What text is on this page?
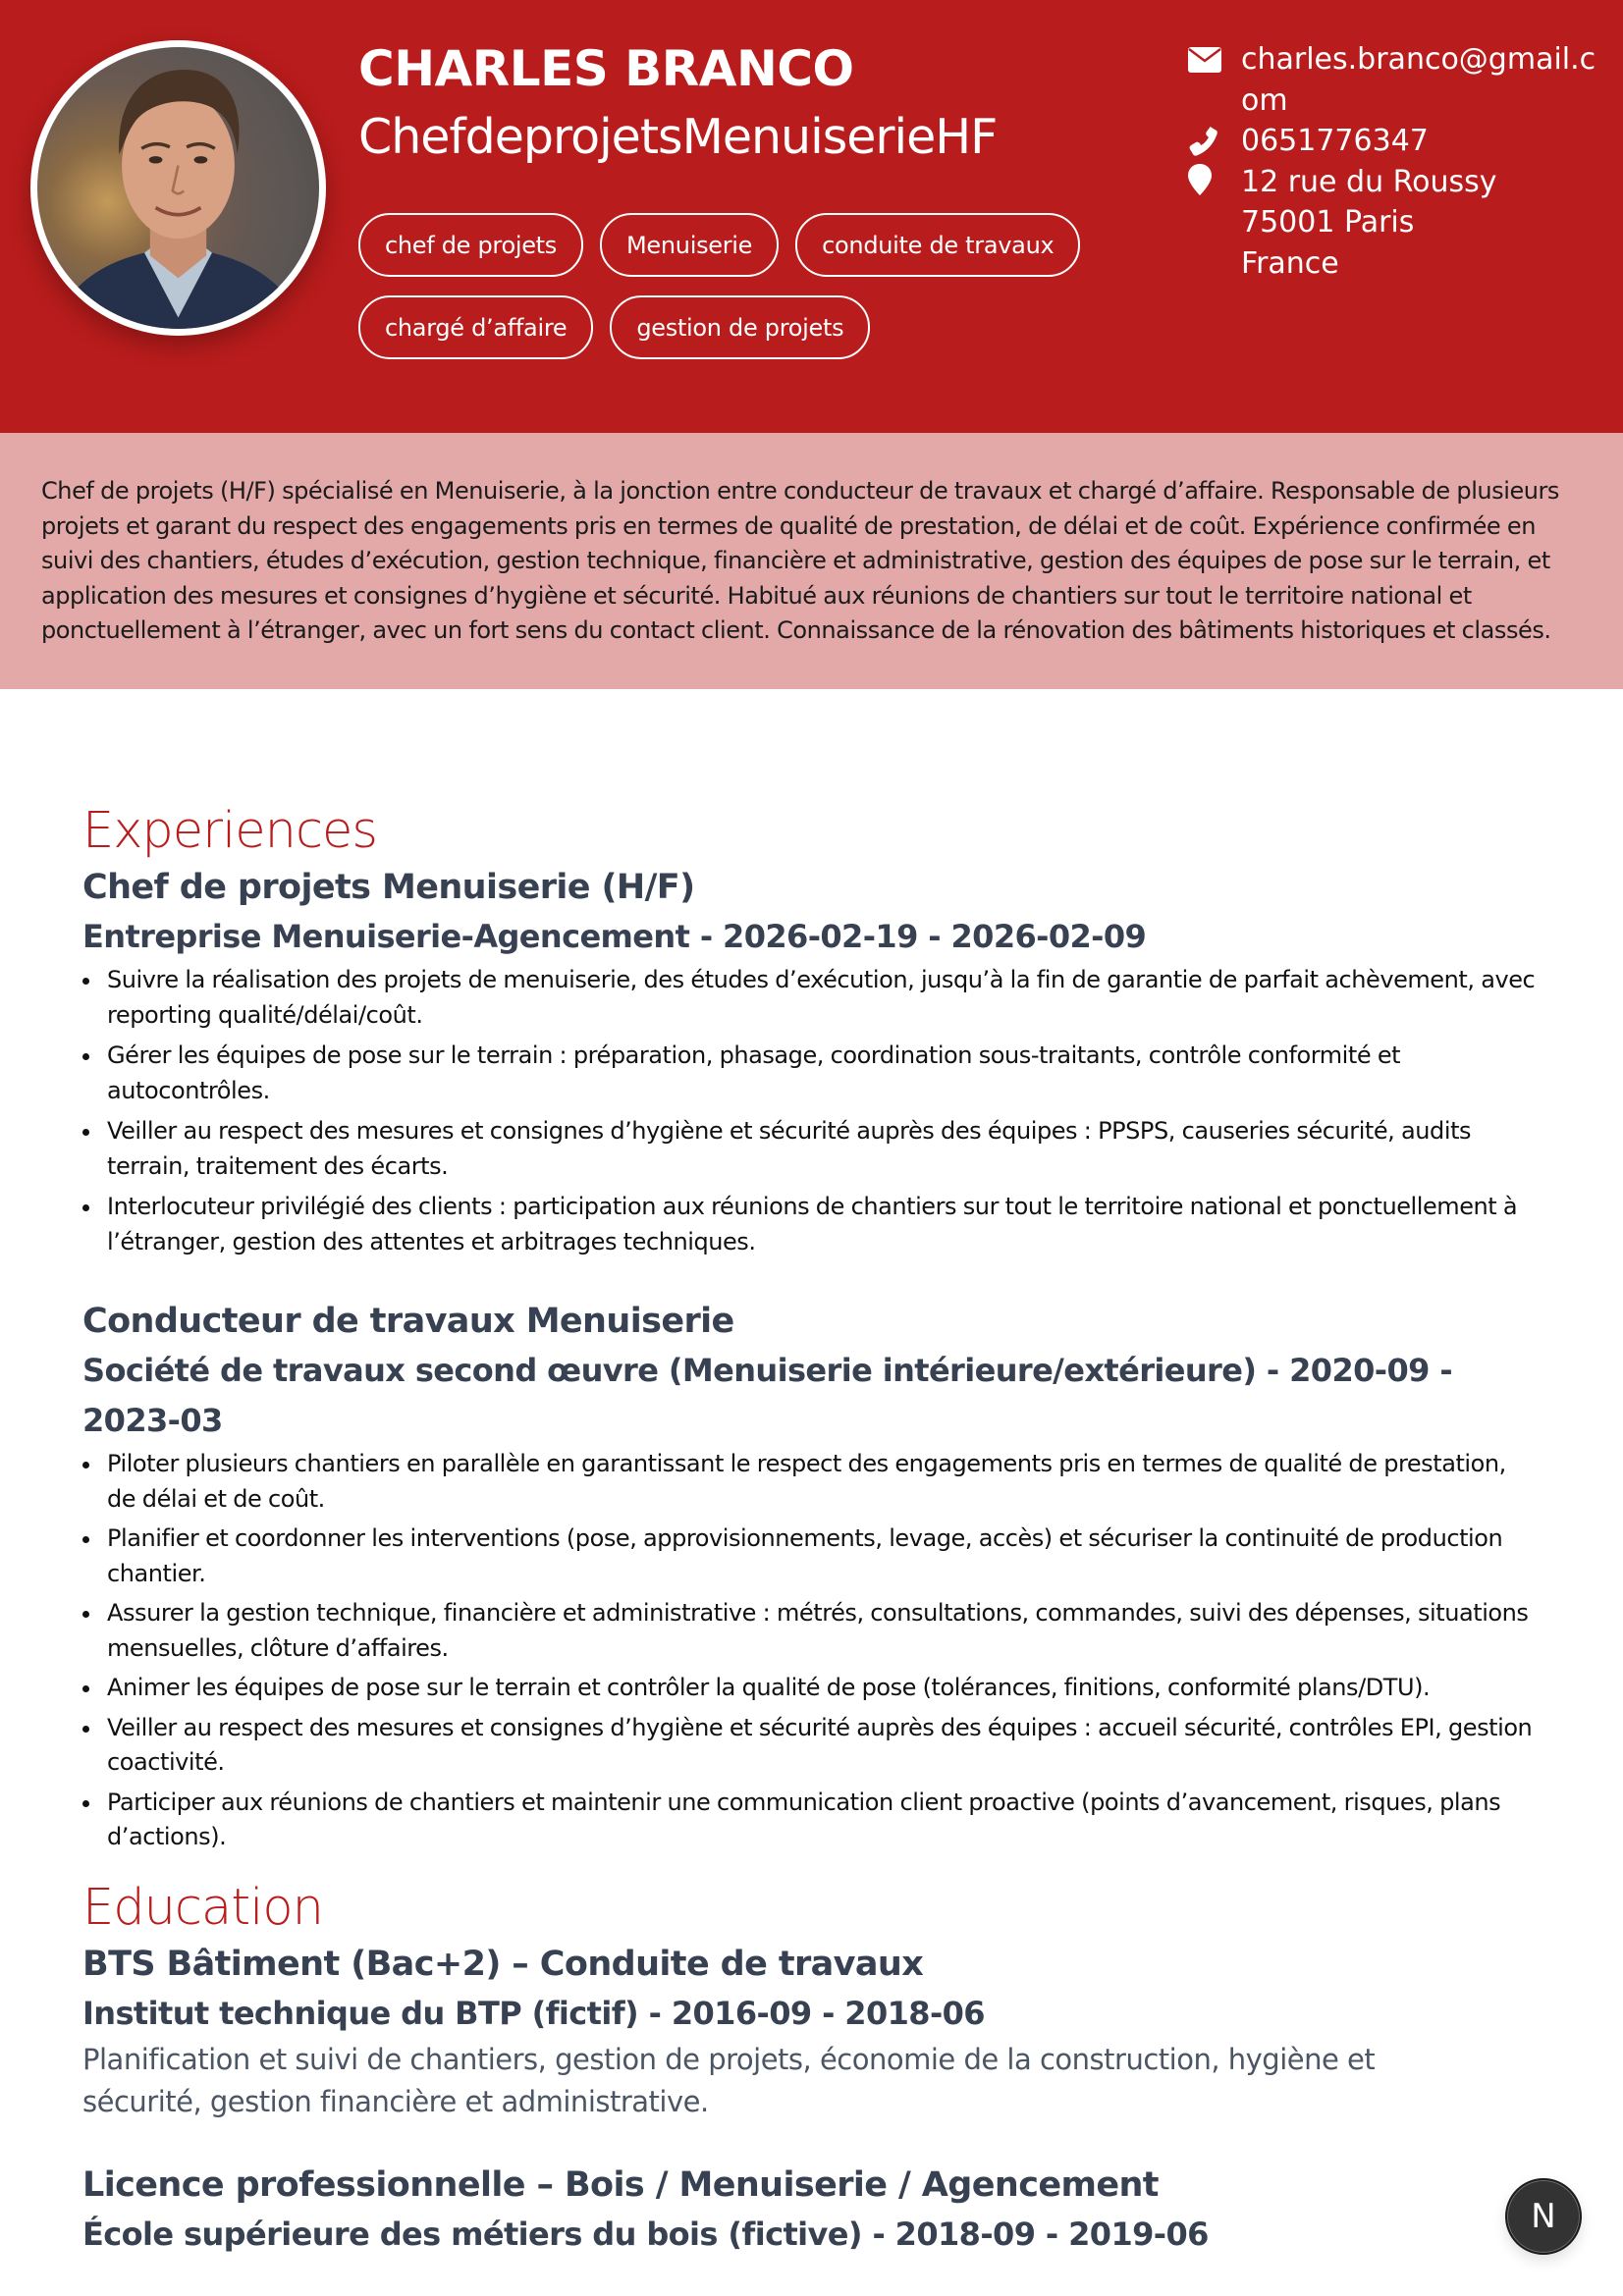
CHARLES BRANCO
ChefdeprojetsMenuiserieHF
chef de projets	Menuiserie	conduite de travaux
chargé d’affaire	gestion de projets
charles.branco@gmail.com
0651776347
12 rue du Roussy
75001 Paris
France

Chef de projets (H/F) spécialisé en Menuiserie, à la jonction entre conducteur de travaux et chargé d’affaire. Responsable de plusieurs projets et garant du respect des engagements pris en termes de qualité de prestation, de délai et de coût. Expérience confirmée en suivi des chantiers, études d’exécution, gestion technique, financière et administrative, gestion des équipes de pose sur le terrain, et application des mesures et consignes d’hygiène et sécurité. Habitué aux réunions de chantiers sur tout le territoire national et ponctuellement à l’étranger, avec un fort sens du contact client. Connaissance de la rénovation des bâtiments historiques et classés.

Experiences
Chef de projets Menuiserie (H/F)
Entreprise Menuiserie-Agencement - 2026-02-19 - 2026-02-09
Suivre la réalisation des projets de menuiserie, des études d’exécution, jusqu’à la fin de garantie de parfait achèvement, avec reporting qualité/délai/coût.
Gérer les équipes de pose sur le terrain : préparation, phasage, coordination sous-traitants, contrôle conformité et autocontrôles.
Veiller au respect des mesures et consignes d’hygiène et sécurité auprès des équipes : PPSPS, causeries sécurité, audits terrain, traitement des écarts.
Interlocuteur privilégié des clients : participation aux réunions de chantiers sur tout le territoire national et ponctuellement à l’étranger, gestion des attentes et arbitrages techniques.
Conducteur de travaux Menuiserie
Société de travaux second œuvre (Menuiserie intérieure/extérieure) - 2020-09 - 2023-03
Piloter plusieurs chantiers en parallèle en garantissant le respect des engagements pris en termes de qualité de prestation, de délai et de coût.
Planifier et coordonner les interventions (pose, approvisionnements, levage, accès) et sécuriser la continuité de production chantier.
Assurer la gestion technique, financière et administrative : métrés, consultations, commandes, suivi des dépenses, situations mensuelles, clôture d’affaires.
Animer les équipes de pose sur le terrain et contrôler la qualité de pose (tolérances, finitions, conformité plans/DTU).
Veiller au respect des mesures et consignes d’hygiène et sécurité auprès des équipes : accueil sécurité, contrôles EPI, gestion coactivité.
Participer aux réunions de chantiers et maintenir une communication client proactive (points d’avancement, risques, plans d’actions).
Education
BTS Bâtiment (Bac+2) – Conduite de travaux
Institut technique du BTP (fictif) - 2016-09 - 2018-06

Planification et suivi de chantiers, gestion de projets, économie de la construction, hygiène et sécurité, gestion financière et administrative.

Licence professionnelle – Bois / Menuiserie / Agencement
École supérieure des métiers du bois (fictive) - 2018-09 - 2019-06	N
